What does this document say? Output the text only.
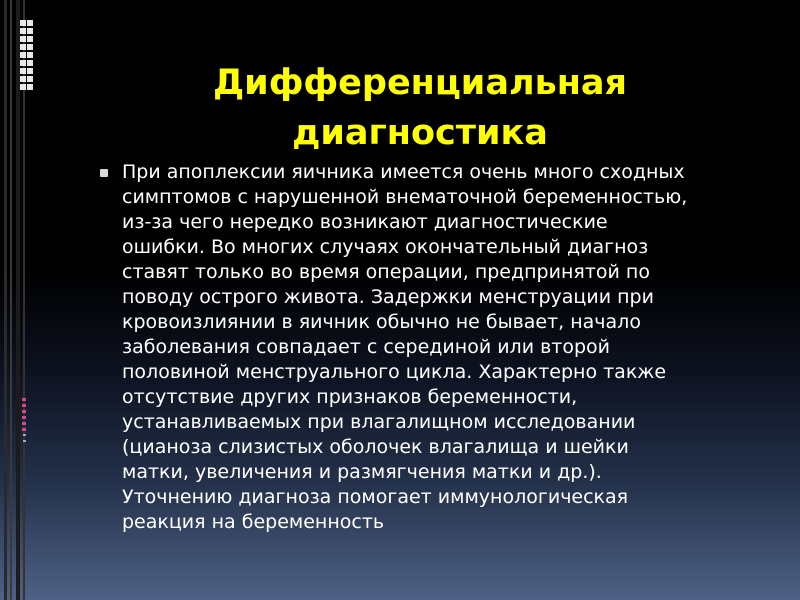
Дифференциальная
диагностика

При апоплексии яичника имеется очень много сходных
симптомов с нарушенной внематочной беременностью,
из-за чего нередко возникают диагностические
ошибки. Во многих случаях окончательный диагноз
ставят только во время операции, предпринятой по
поводу острого живота. Задержки менструации при
кровоизлиянии в яичник обычно не бывает, начало
заболевания совпадает с серединой или второй
половиной менструального цикла. Характерно также
отсутствие других признаков беременности,
устанавливаемых при влагалищном исследовании
(цианоза слизистых оболочек влагалища и шейки
матки, увеличения и размягчения матки и др.).
Уточнению диагноза помогает иммунологическая
реакция на беременность
